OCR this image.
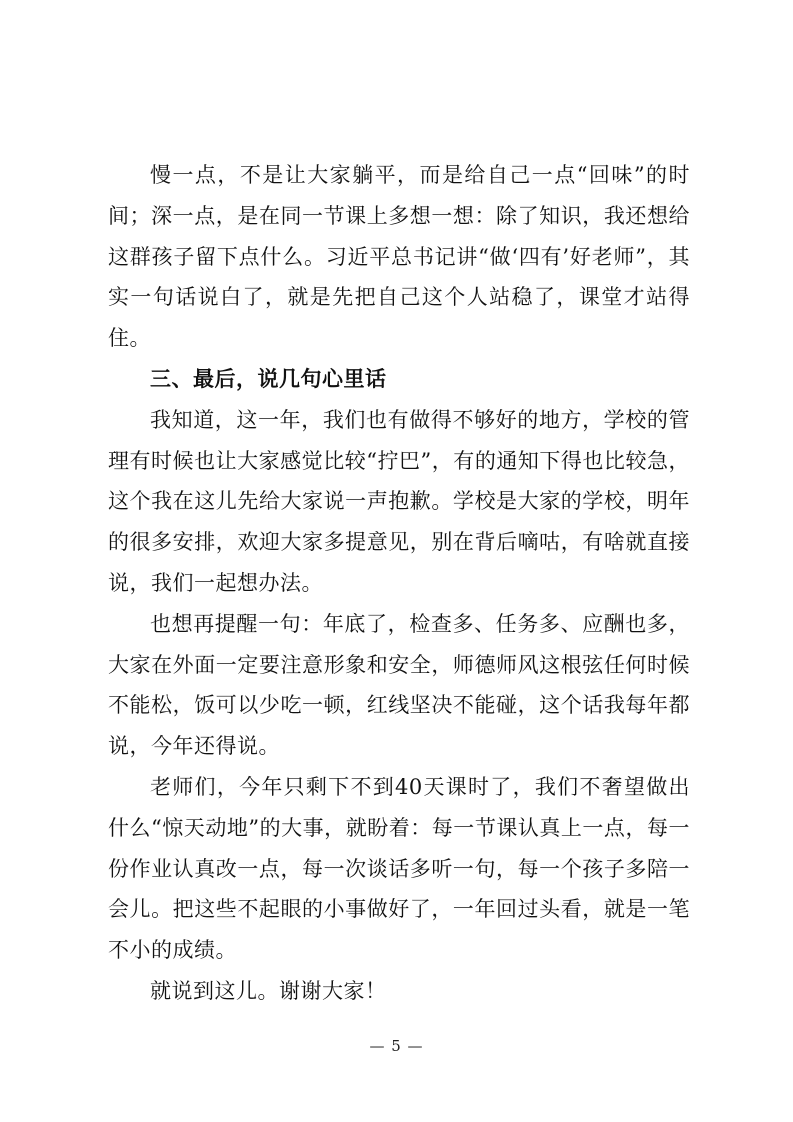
慢一点，不是让大家躺平，而是给自己一点“回味”的时间；深一点，是在同一节课上多想一想：除了知识，我还想给这群孩子留下点什么。习近平总书记讲“做‘四有’好老师”，其实一句话说白了，就是先把自己这个人站稳了，课堂才站得住。

三、最后，说几句心里话

我知道，这一年，我们也有做得不够好的地方，学校的管理有时候也让大家感觉比较“拧巴”，有的通知下得也比较急，这个我在这儿先给大家说一声抱歉。学校是大家的学校，明年的很多安排，欢迎大家多提意见，别在背后嘀咕，有啥就直接说，我们一起想办法。

也想再提醒一句：年底了，检查多、任务多、应酬也多，大家在外面一定要注意形象和安全，师德师风这根弦任何时候不能松，饭可以少吃一顿，红线坚决不能碰，这个话我每年都说，今年还得说。

老师们，今年只剩下不到40天课时了，我们不奢望做出什么“惊天动地”的大事，就盼着：每一节课认真上一点，每一份作业认真改一点，每一次谈话多听一句，每一个孩子多陪一会儿。把这些不起眼的小事做好了，一年回过头看，就是一笔不小的成绩。

就说到这儿。谢谢大家！

— 5 —
